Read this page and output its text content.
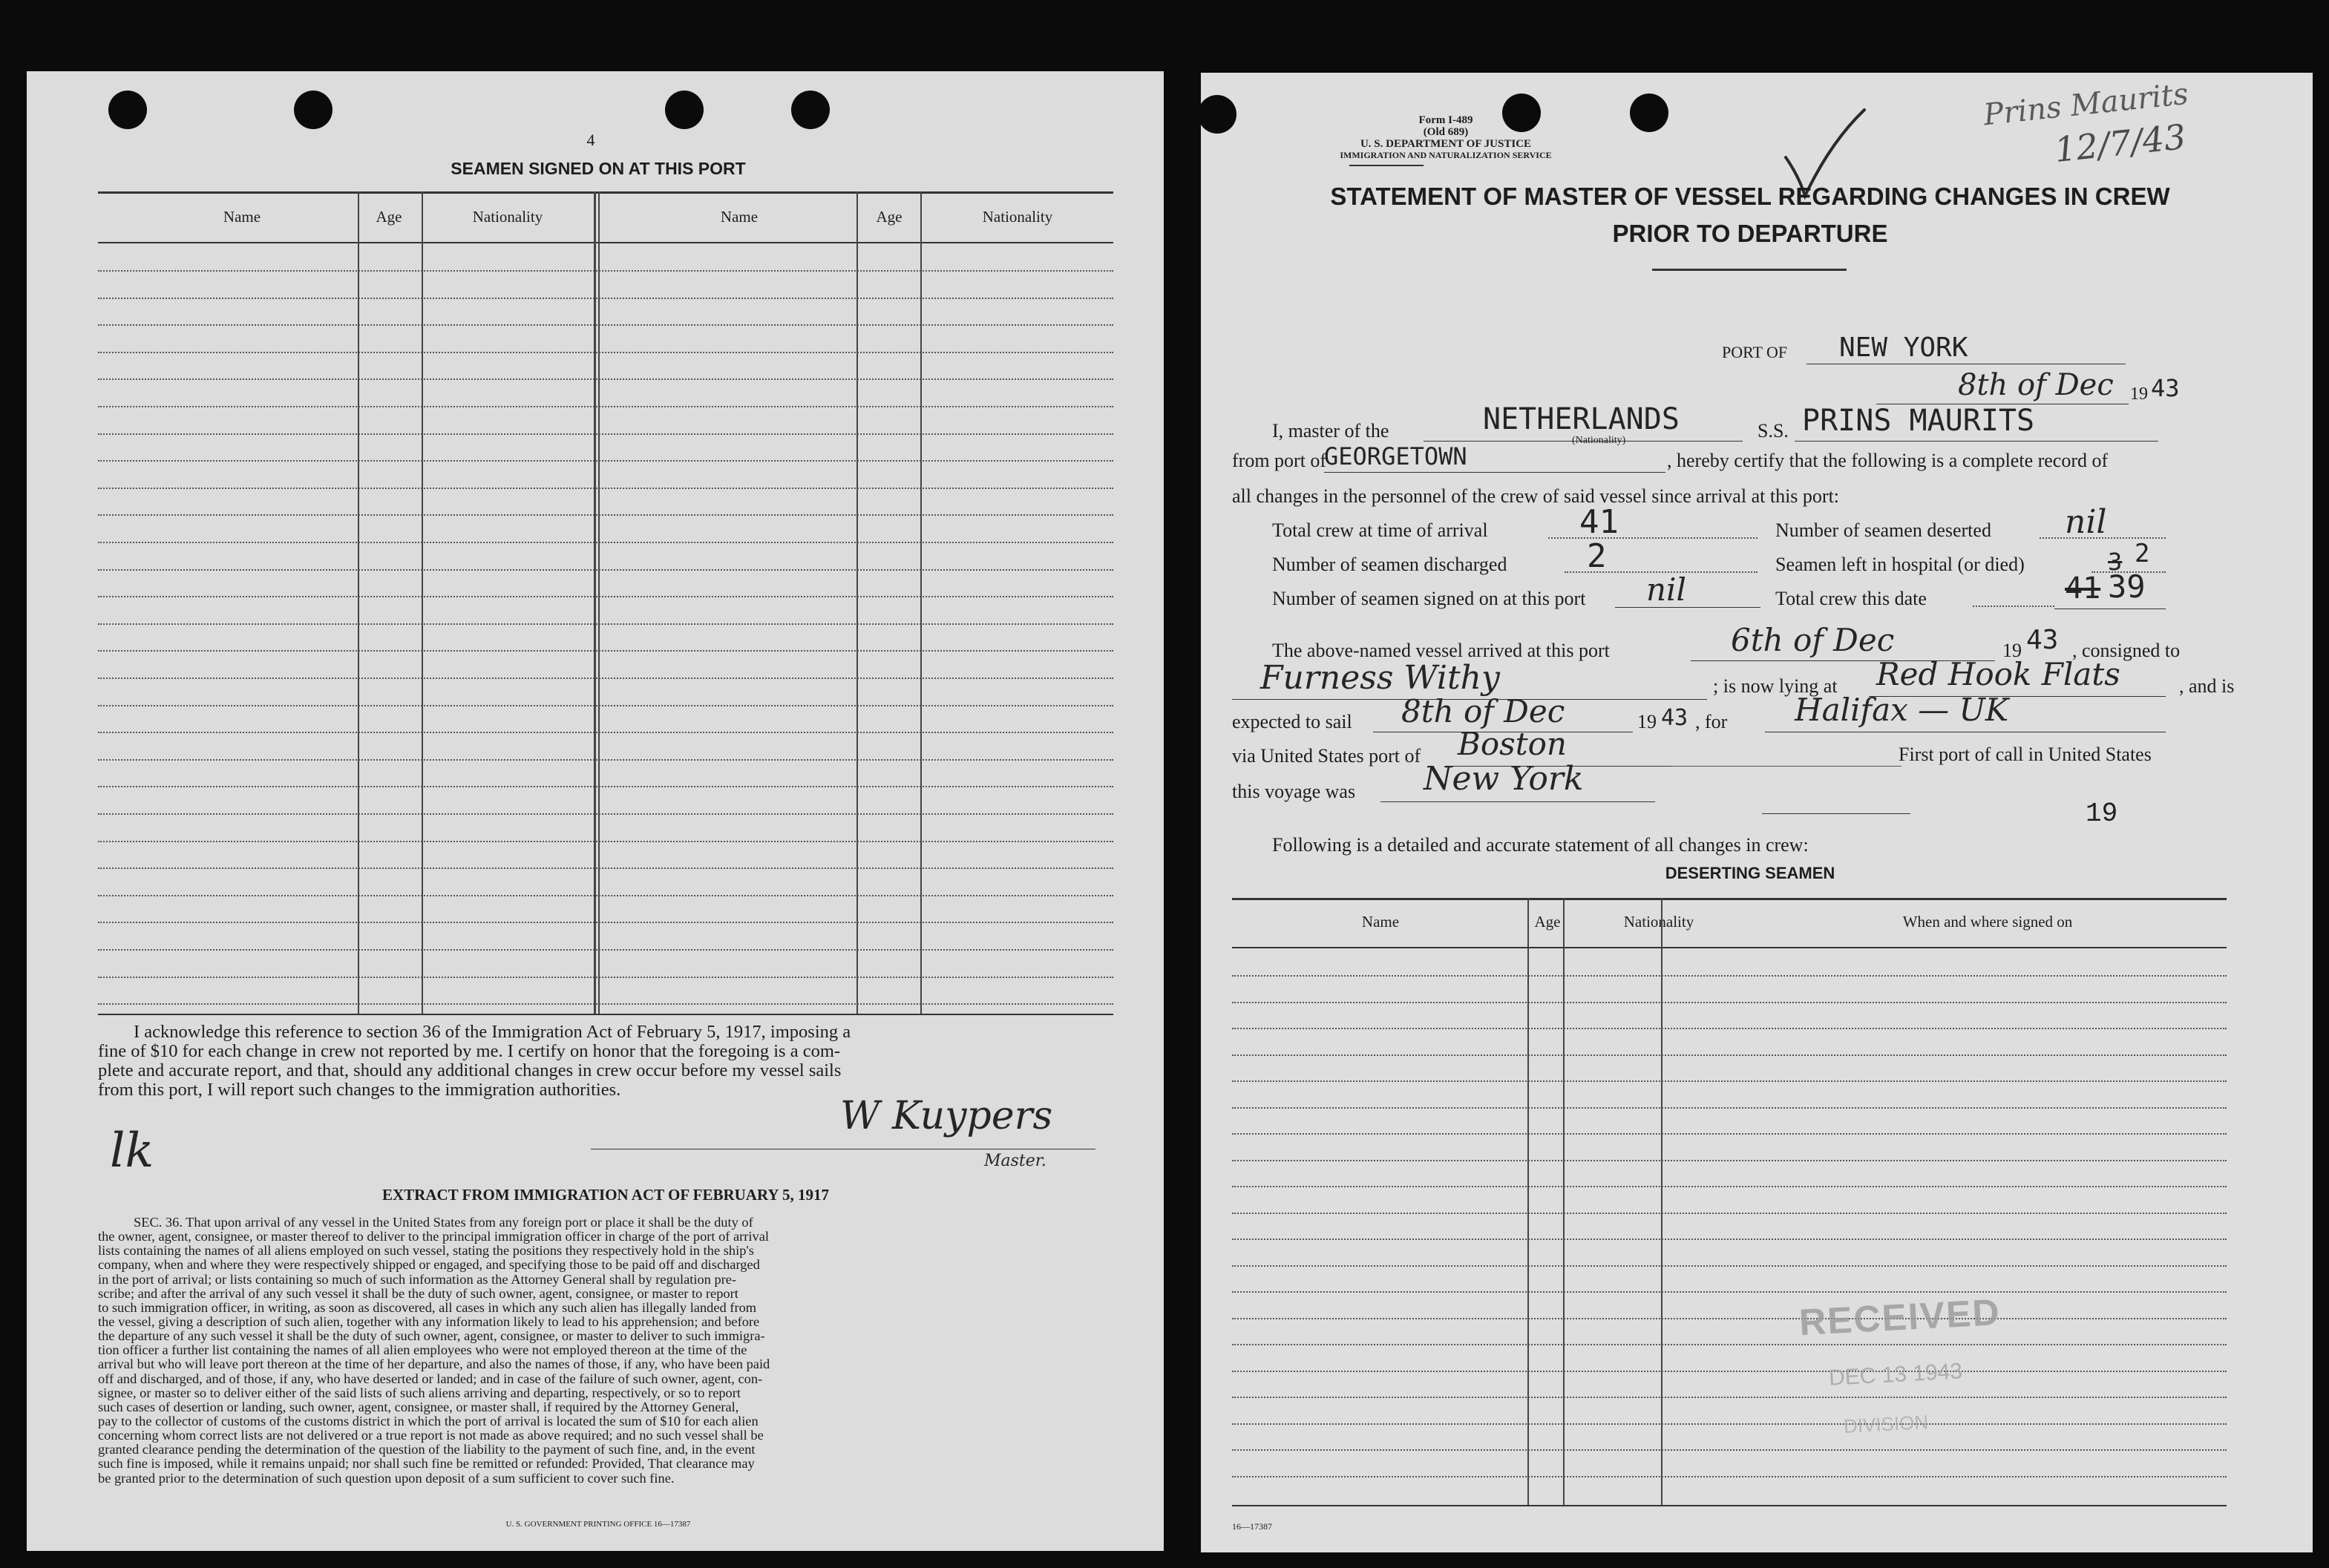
4
SEAMEN SIGNED ON AT THIS PORT
Name	Age	Nationality	Name	Age	Nationality
I acknowledge this reference to section 36 of the Immigration Act of February 5, 1917, imposing a
fine of $10 for each change in crew not reported by me. I certify on honor that the foregoing is a com-
plete and accurate report, and that, should any additional changes in crew occur before my vessel sails
from this port, I will report such changes to the immigration authorities.
W Kuypers
Master.
lk
EXTRACT FROM IMMIGRATION ACT OF FEBRUARY 5, 1917
SEC. 36. That upon arrival of any vessel in the United States from any foreign port or place it shall be the duty of
the owner, agent, consignee, or master thereof to deliver to the principal immigration officer in charge of the port of arrival
lists containing the names of all aliens employed on such vessel, stating the positions they respectively hold in the ship's
company, when and where they were respectively shipped or engaged, and specifying those to be paid off and discharged
in the port of arrival; or lists containing so much of such information as the Attorney General shall by regulation pre-
scribe; and after the arrival of any such vessel it shall be the duty of such owner, agent, consignee, or master to report
to such immigration officer, in writing, as soon as discovered, all cases in which any such alien has illegally landed from
the vessel, giving a description of such alien, together with any information likely to lead to his apprehension; and before
the departure of any such vessel it shall be the duty of such owner, agent, consignee, or master to deliver to such immigra-
tion officer a further list containing the names of all alien employees who were not employed thereon at the time of the
arrival but who will leave port thereon at the time of her departure, and also the names of those, if any, who have been paid
off and discharged, and of those, if any, who have deserted or landed; and in case of the failure of such owner, agent, con-
signee, or master so to deliver either of the said lists of such aliens arriving and departing, respectively, or so to report
such cases of desertion or landing, such owner, agent, consignee, or master shall, if required by the Attorney General,
pay to the collector of customs of the customs district in which the port of arrival is located the sum of $10 for each alien
concerning whom correct lists are not delivered or a true report is not made as above required; and no such vessel shall be
granted clearance pending the determination of the question of the liability to the payment of such fine, and, in the event
such fine is imposed, while it remains unpaid; nor shall such fine be remitted or refunded: Provided, That clearance may
be granted prior to the determination of such question upon deposit of a sum sufficient to cover such fine.
U. S. GOVERNMENT PRINTING OFFICE 16—17387
Form I-489
(Old 689)
U. S. DEPARTMENT OF JUSTICE
IMMIGRATION AND NATURALIZATION SERVICE
Prins Maurits
12/7/43
STATEMENT OF MASTER OF VESSEL REGARDING CHANGES IN CREW
PRIOR TO DEPARTURE
PORT OF NEW YORK
8th of Dec 19 43
I, master of the	NETHERLANDS	S.S. PRINS MAURITS
(Nationality)
from port of
GEORGETOWN	, hereby certify that the following is a complete record of
all changes in the personnel of the crew of said vessel since arrival at this port:
Total crew at time of arrival	41	Number of seamen deserted nil
Number of seamen discharged 2	Seamen left in hospital (or died)	3 2
Number of seamen signed on at this port nil	Total crew this date	41 39
The above-named vessel arrived at this port	6th of Dec	19 43 , consigned to
Furness Withy	; is now lying at Red Hook Flats	, and is
expected to sail 8th of Dec	19 43 , for Halifax — UK
via United States port of Boston	First port of call in United States
this voyage was New York
19
Following is a detailed and accurate statement of all changes in crew:
DESERTING SEAMEN
Name	Age	Nationality	When and where signed on
RECEIVED
DEC 13 1943
DIVISION
16—17387
